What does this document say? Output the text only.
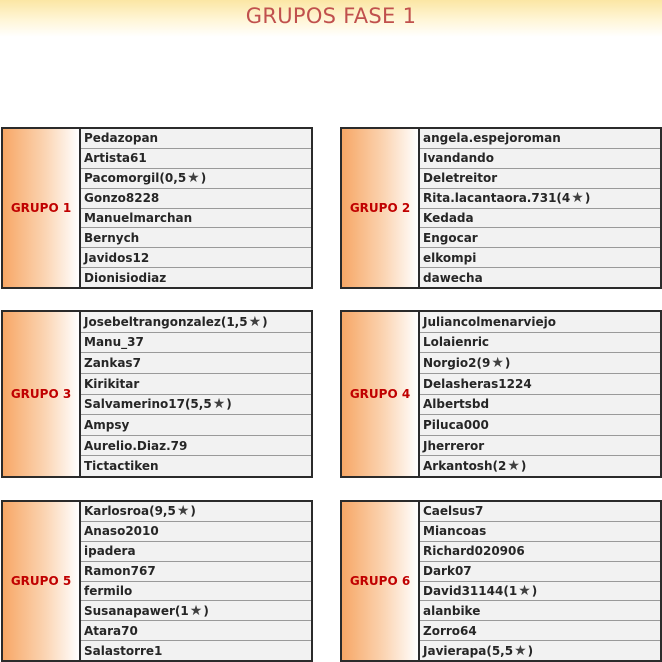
GRUPOS FASE 1
GRUPO 1
Pedazopan
Artista61
Pacomorgil ( 0,5 ★ )
Gonzo8228
Manuelmarchan
Bernych
Javidos12
Dionisiodiaz
GRUPO 2
angela.espejoroman
Ivandando
Deletreitor
Rita.lacantaora.731 ( 4 ★ )
Kedada
Engocar
elkompi
dawecha
GRUPO 3
Josebeltrangonzalez ( 1,5 ★ )
Manu_37
Zankas7
Kirikitar
Salvamerino17 ( 5,5 ★ )
Ampsy
Aurelio.Diaz.79
Tictactiken
GRUPO 4
Juliancolmenarviejo
Lolaienric
Norgio2 ( 9 ★ )
Delasheras1224
Albertsbd
Piluca000
Jherreror
Arkantosh ( 2 ★ )
GRUPO 5
Karlosroa ( 9,5 ★ )
Anaso2010
ipadera
Ramon767
fermilo
Susanapawer ( 1 ★ )
Atara70
Salastorre1
GRUPO 6
Caelsus7
Miancoas
Richard020906
Dark07
David31144 ( 1 ★ )
alanbike
Zorro64
Javierapa ( 5,5 ★ )
